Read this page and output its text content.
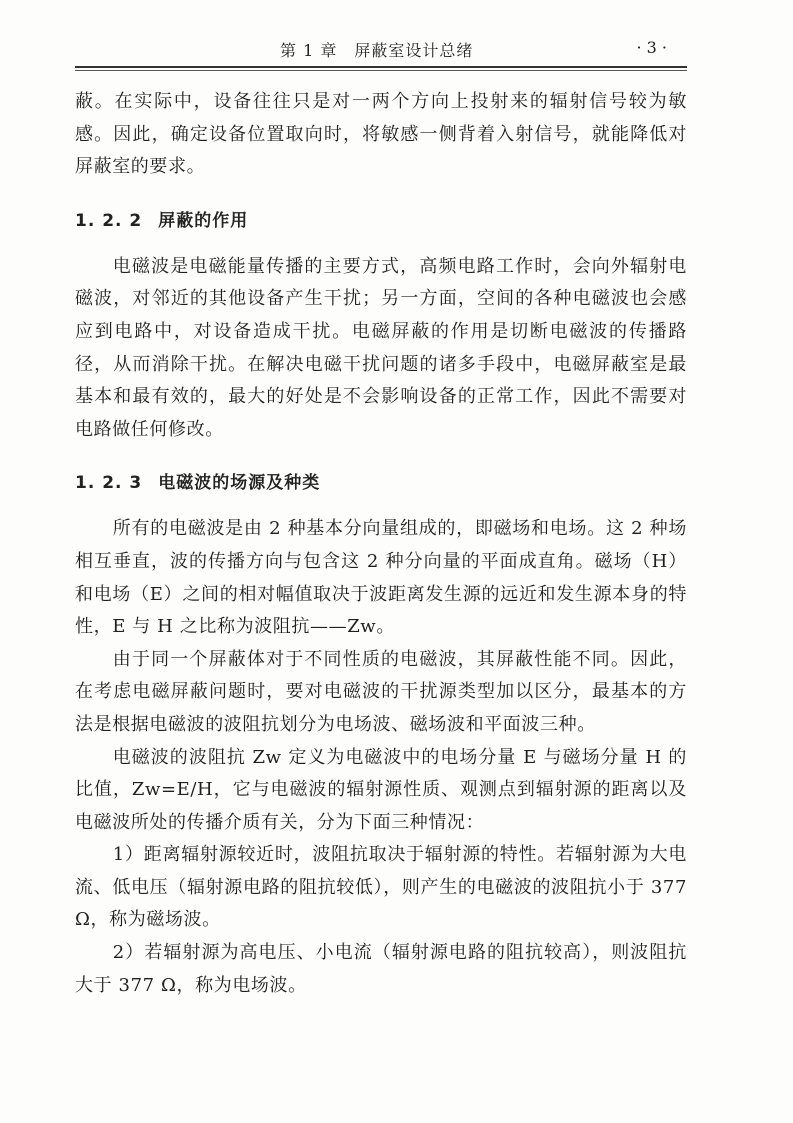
第 1 章　屏蔽室设计总绪	· 3 ·

蔽。在实际中，设备往往只是对一两个方向上投射来的辐射信号较为敏感。因此，确定设备位置取向时，将敏感一侧背着入射信号，就能降低对屏蔽室的要求。

1. 2. 2 屏蔽的作用

电磁波是电磁能量传播的主要方式，高频电路工作时，会向外辐射电磁波，对邻近的其他设备产生干扰；另一方面，空间的各种电磁波也会感应到电路中，对设备造成干扰。电磁屏蔽的作用是切断电磁波的传播路径，从而消除干扰。在解决电磁干扰问题的诸多手段中，电磁屏蔽室是最基本和最有效的，最大的好处是不会影响设备的正常工作，因此不需要对电路做任何修改。

1. 2. 3 电磁波的场源及种类

所有的电磁波是由 2 种基本分向量组成的，即磁场和电场。这 2 种场相互垂直，波的传播方向与包含这 2 种分向量的平面成直角。磁场（H）和电场（E）之间的相对幅值取决于波距离发生源的远近和发生源本身的特性，E 与 H 之比称为波阻抗——Zw。

由于同一个屏蔽体对于不同性质的电磁波，其屏蔽性能不同。因此，在考虑电磁屏蔽问题时，要对电磁波的干扰源类型加以区分，最基本的方法是根据电磁波的波阻抗划分为电场波、磁场波和平面波三种。

电磁波的波阻抗 Zw 定义为电磁波中的电场分量 E 与磁场分量 H 的比值，Zw=E/H，它与电磁波的辐射源性质、观测点到辐射源的距离以及电磁波所处的传播介质有关，分为下面三种情况：

1）距离辐射源较近时，波阻抗取决于辐射源的特性。若辐射源为大电流、低电压（辐射源电路的阻抗较低），则产生的电磁波的波阻抗小于 377 Ω，称为磁场波。

2）若辐射源为高电压、小电流（辐射源电路的阻抗较高），则波阻抗大于 377 Ω，称为电场波。
